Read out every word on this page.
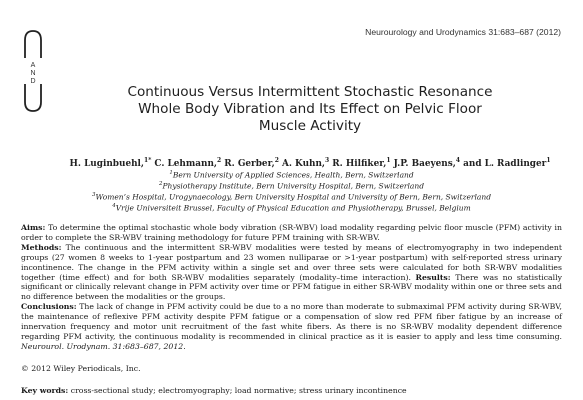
A
N
D
Neurourology and Urodynamics 31:683–687 (2012)
Continuous Versus Intermittent Stochastic Resonance
Whole Body Vibration and Its Effect on Pelvic Floor
Muscle Activity
H. Luginbuehl,$^{1*}$ C. Lehmann,$^2$ R. Gerber,$^2$ A. Kuhn,$^3$ R. Hilfiker,$^1$ J.P. Baeyens,$^4$ and L. Radlinger$^1$
$^1$Bern University of Applied Sciences, Health, Bern, Switzerland
$^2$Physiotherapy Institute, Bern University Hospital, Bern, Switzerland
$^3$Women’s Hospital, Urogynaecology, Bern University Hospital and University of Bern, Bern, Switzerland
$^4$Vrije Universiteit Brussel, Faculty of Physical Education and Physiotherapy, Brussel, Belgium
Aims: To determine the optimal stochastic whole body vibration (SR-WBV) load modality regarding pelvic floor muscle (PFM) activity in order to complete the SR-WBV training methodology for future PFM training with SR-WBV.
Methods: The continuous and the intermittent SR-WBV modalities were tested by means of electromyography in two independent groups (27 women 8 weeks to 1-year postpartum and 23 women nulliparae or >1-year postpartum) with self-reported stress urinary incontinence. The change in the PFM activity within a single set and over three sets were calculated for both SR-WBV modalities together (time effect) and for both SR-WBV modalities separately (modality–time interaction). Results: There was no statistically significant or clinically relevant change in PFM activity over time or PFM fatigue in either SR-WBV modality within one or three sets and no difference between the modalities or the groups.
Conclusions: The lack of change in PFM activity could be due to a no more than moderate to submaximal PFM activity during SR-WBV, the maintenance of reflexive PFM activity despite PFM fatigue or a compensation of slow red PFM fiber fatigue by an increase of innervation frequency and motor unit recruitment of the fast white fibers. As there is no SR-WBV modality dependent difference regarding PFM activity, the continuous modality is recommended in clinical practice as it is easier to apply and less time consuming. Neurourol. Urodynam. 31:683–687, 2012.
© 2012 Wiley Periodicals, Inc.
Key words: cross-sectional study; electromyography; load normative; stress urinary incontinence
